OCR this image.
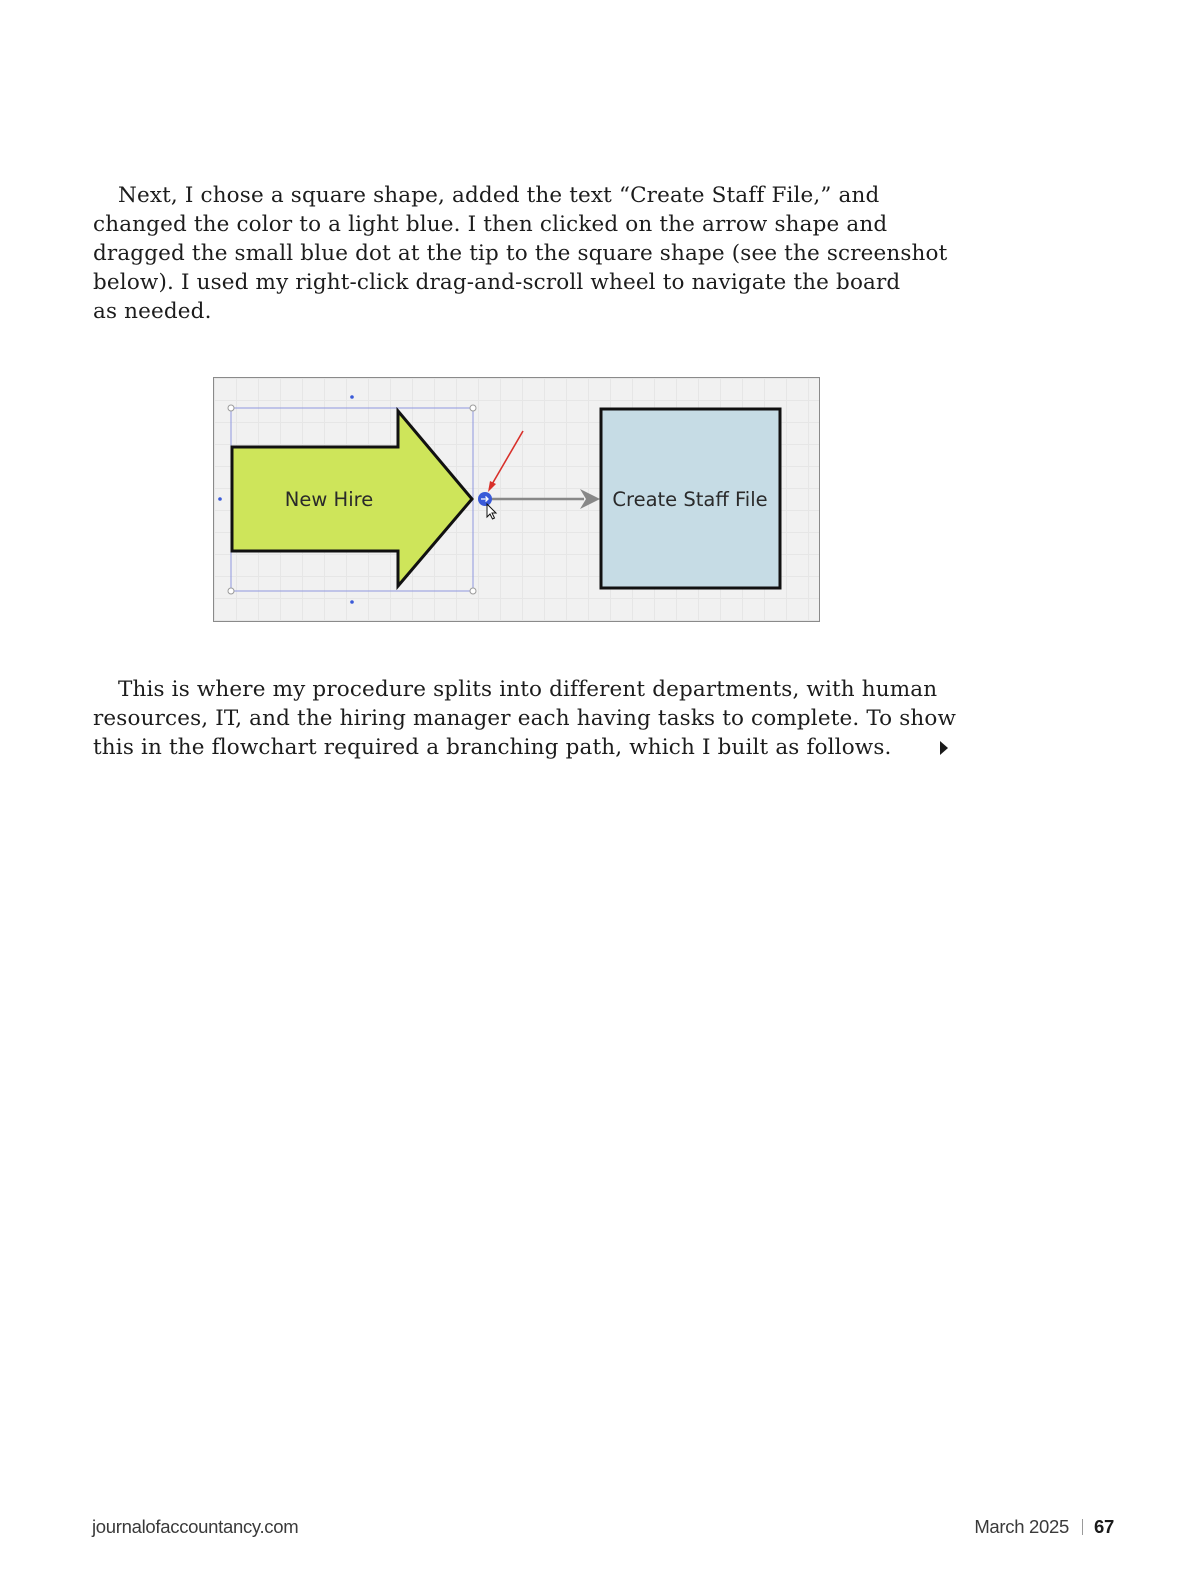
Next, I chose a square shape, added the text “Create Staff File,” and
changed the color to a light blue. I then clicked on the arrow shape and
dragged the small blue dot at the tip to the square shape (see the screenshot
below). I used my right-click drag-and-scroll wheel to navigate the board
as needed.

New Hire	Create Staff File

This is where my procedure splits into different departments, with human
resources, IT, and the hiring manager each having tasks to complete. To show
this in the flowchart required a branching path, which I built as follows.

journalofaccountancy.com	March 2025 67
